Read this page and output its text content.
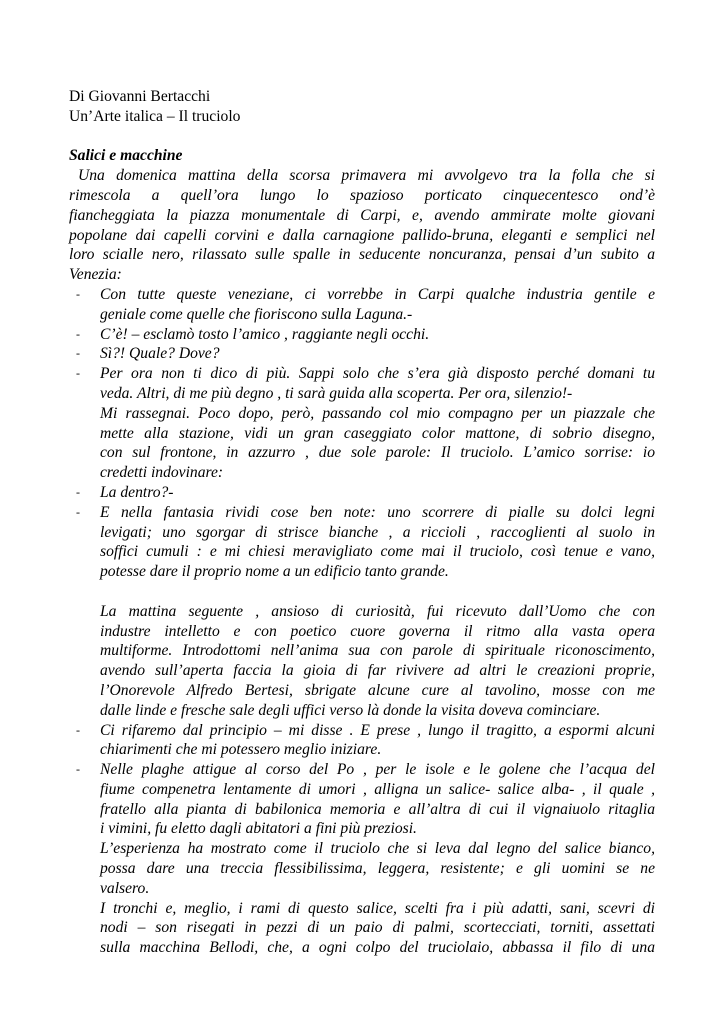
Di Giovanni Bertacchi
Un’Arte italica – Il truciolo
Salici e macchine
Una domenica mattina della scorsa primavera mi avvolgevo tra la folla che si
rimescola a quell’ora lungo lo spazioso porticato cinquecentesco ond’è
fiancheggiata la piazza monumentale di Carpi, e, avendo ammirate molte giovani
popolane dai capelli corvini e dalla carnagione pallido-bruna, eleganti e semplici nel
loro scialle nero, rilassato sulle spalle in seducente noncuranza, pensai d’un subito a
Venezia:
- Con tutte queste veneziane, ci vorrebbe in Carpi qualche industria gentile e
geniale come quelle che fioriscono sulla Laguna.-
- C’è! – esclamò tosto l’amico , raggiante negli occhi.
- Sì?! Quale? Dove?
- Per ora non ti dico di più. Sappi solo che s’era già disposto perché domani tu
veda. Altri, di me più degno , ti sarà guida alla scoperta. Per ora, silenzio!-
Mi rassegnai. Poco dopo, però, passando col mio compagno per un piazzale che
mette alla stazione, vidi un gran caseggiato color mattone, di sobrio disegno,
con sul frontone, in azzurro , due sole parole: Il truciolo. L’amico sorrise: io
credetti indovinare:
- La dentro?-
- E nella fantasia rividi cose ben note: uno scorrere di pialle su dolci legni
levigati; uno sgorgar di strisce bianche , a riccioli , raccoglienti al suolo in
soffici cumuli : e mi chiesi meravigliato come mai il truciolo, così tenue e vano,
potesse dare il proprio nome a un edificio tanto grande.
La mattina seguente , ansioso di curiosità, fui ricevuto dall’Uomo che con
industre intelletto e con poetico cuore governa il ritmo alla vasta opera
multiforme. Introdottomi nell’anima sua con parole di spirituale riconoscimento,
avendo sull’aperta faccia la gioia di far rivivere ad altri le creazioni proprie,
l’Onorevole Alfredo Bertesi, sbrigate alcune cure al tavolino, mosse con me
dalle linde e fresche sale degli uffici verso là donde la visita doveva cominciare.
- Ci rifaremo dal principio – mi disse . E prese , lungo il tragitto, a espormi alcuni
chiarimenti che mi potessero meglio iniziare.
- Nelle plaghe attigue al corso del Po , per le isole e le golene che l’acqua del
fiume compenetra lentamente di umori , alligna un salice- salice alba- , il quale ,
fratello alla pianta di babilonica memoria e all’altra di cui il vignaiuolo ritaglia
i vimini, fu eletto dagli abitatori a fini più preziosi.
L’esperienza ha mostrato come il truciolo che si leva dal legno del salice bianco,
possa dare una treccia flessibilissima, leggera, resistente; e gli uomini se ne
valsero.
I tronchi e, meglio, i rami di questo salice, scelti fra i più adatti, sani, scevri di
nodi – son risegati in pezzi di un paio di palmi, scortecciati, torniti, assettati
sulla macchina Bellodi, che, a ogni colpo del truciolaio, abbassa il filo di una
